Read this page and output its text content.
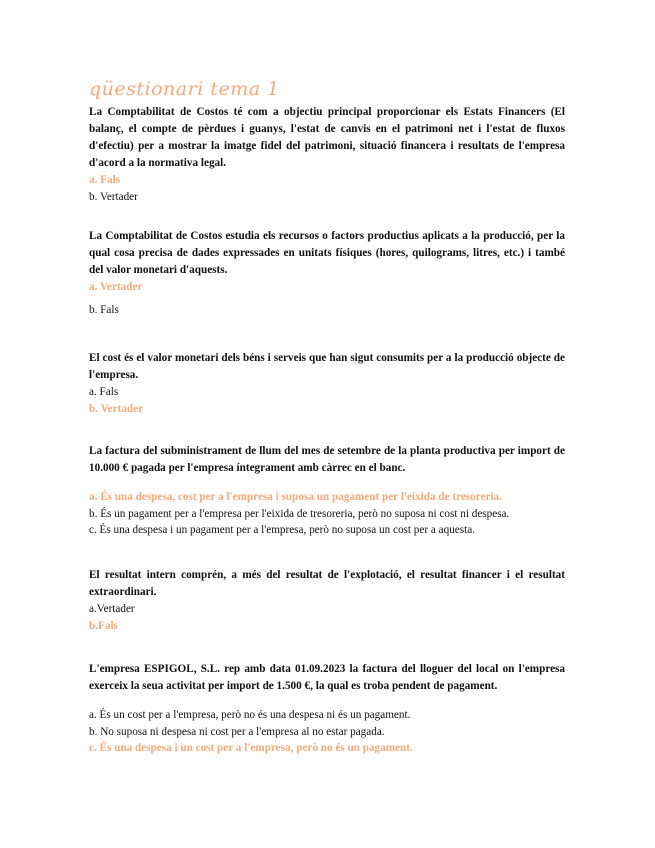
qüestionari tema 1

La Comptabilitat de Costos té com a objectiu principal proporcionar els Estats Financers (El balanç, el compte de pèrdues i guanys, l'estat de canvis en el patrimoni net i l'estat de fluxos d'efectiu) per a mostrar la imatge fidel del patrimoni, situació financera i resultats de l'empresa d'acord a la normativa legal.

a. Fals

b. Vertader

La Comptabilitat de Costos estudia els recursos o factors productius aplicats a la producció, per la qual cosa precisa de dades expressades en unitats físiques (hores, quilograms, litres, etc.) i també del valor monetari d'aquests.

a. Vertader

b. Fals

El cost és el valor monetari dels béns i serveis que han sigut consumits per a la producció objecte de l'empresa.

a. Fals

b. Vertader

La factura del subministrament de llum del mes de setembre de la planta productiva per import de 10.000 € pagada per l'empresa íntegrament amb càrrec en el banc.

a. És una despesa, cost per a l'empresa i suposa un pagament per l'eixida de tresoreria.

b. És un pagament per a l'empresa per l'eixida de tresoreria, però no suposa ni cost ni despesa.

c. És una despesa i un pagament per a l'empresa, però no suposa un cost per a aquesta.

El resultat intern comprén, a més del resultat de l'explotació, el resultat financer i el resultat extraordinari.

a.Vertader

b.Fals

L'empresa ESPIGOL, S.L. rep amb data 01.09.2023 la factura del lloguer del local on l'empresa exerceix la seua activitat per import de 1.500 €, la qual es troba pendent de pagament.

a. És un cost per a l'empresa, però no és una despesa ni és un pagament.

b. No suposa ni despesa ni cost per a l'empresa al no estar pagada.

c. És una despesa i un cost per a l'empresa, però no és un pagament.
